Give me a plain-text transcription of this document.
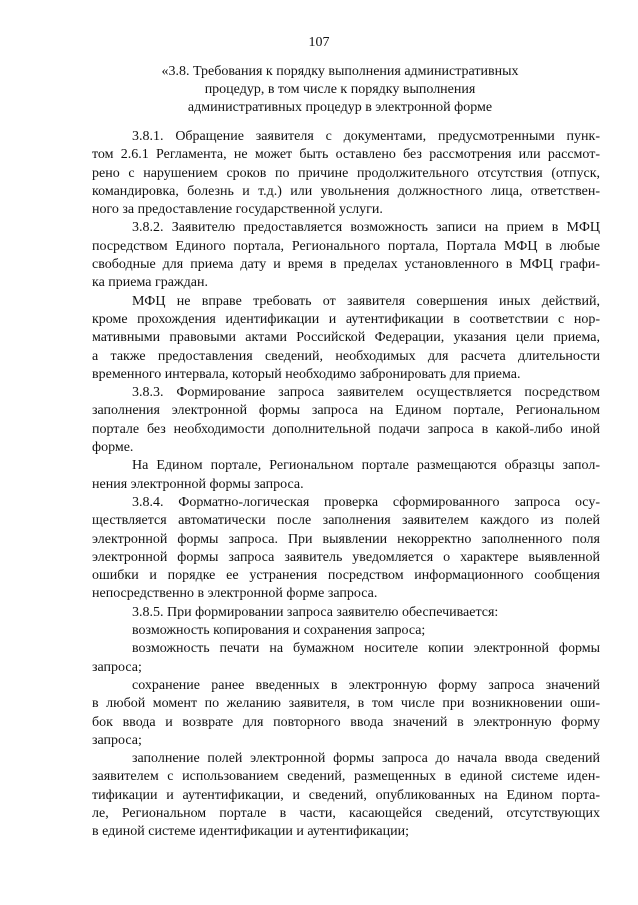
107
«3.8. Требования к порядку выполнения административных
процедур, в том числе к порядку выполнения
административных процедур в электронной форме

3.8.1. Обращение заявителя с документами, предусмотренными пунк-
том 2.6.1 Регламента, не может быть оставлено без рассмотрения или рассмот-
рено с нарушением сроков по причине продолжительного отсутствия (отпуск,
командировка, болезнь и т.д.) или увольнения должностного лица, ответствен-
ного за предоставление государственной услуги.

3.8.2. Заявителю предоставляется возможность записи на прием в МФЦ
посредством Единого портала, Регионального портала, Портала МФЦ в любые
свободные для приема дату и время в пределах установленного в МФЦ графи-
ка приема граждан.

МФЦ не вправе требовать от заявителя совершения иных действий,
кроме прохождения идентификации и аутентификации в соответствии с нор-
мативными правовыми актами Российской Федерации, указания цели приема,
а также предоставления сведений, необходимых для расчета длительности
временного интервала, который необходимо забронировать для приема.

3.8.3. Формирование запроса заявителем осуществляется посредством
заполнения электронной формы запроса на Едином портале, Региональном
портале без необходимости дополнительной подачи запроса в какой-либо иной
форме.

На Едином портале, Региональном портале размещаются образцы запол-
нения электронной формы запроса.

3.8.4. Форматно-логическая проверка сформированного запроса осу-
ществляется автоматически после заполнения заявителем каждого из полей
электронной формы запроса. При выявлении некорректно заполненного поля
электронной формы запроса заявитель уведомляется о характере выявленной
ошибки и порядке ее устранения посредством информационного сообщения
непосредственно в электронной форме запроса.

3.8.5. При формировании запроса заявителю обеспечивается:

возможность копирования и сохранения запроса;

возможность печати на бумажном носителе копии электронной формы
запроса;

сохранение ранее введенных в электронную форму запроса значений
в любой момент по желанию заявителя, в том числе при возникновении оши-
бок ввода и возврате для повторного ввода значений в электронную форму
запроса;

заполнение полей электронной формы запроса до начала ввода сведений
заявителем с использованием сведений, размещенных в единой системе иден-
тификации и аутентификации, и сведений, опубликованных на Едином порта-
ле, Региональном портале в части, касающейся сведений, отсутствующих
в единой системе идентификации и аутентификации;
